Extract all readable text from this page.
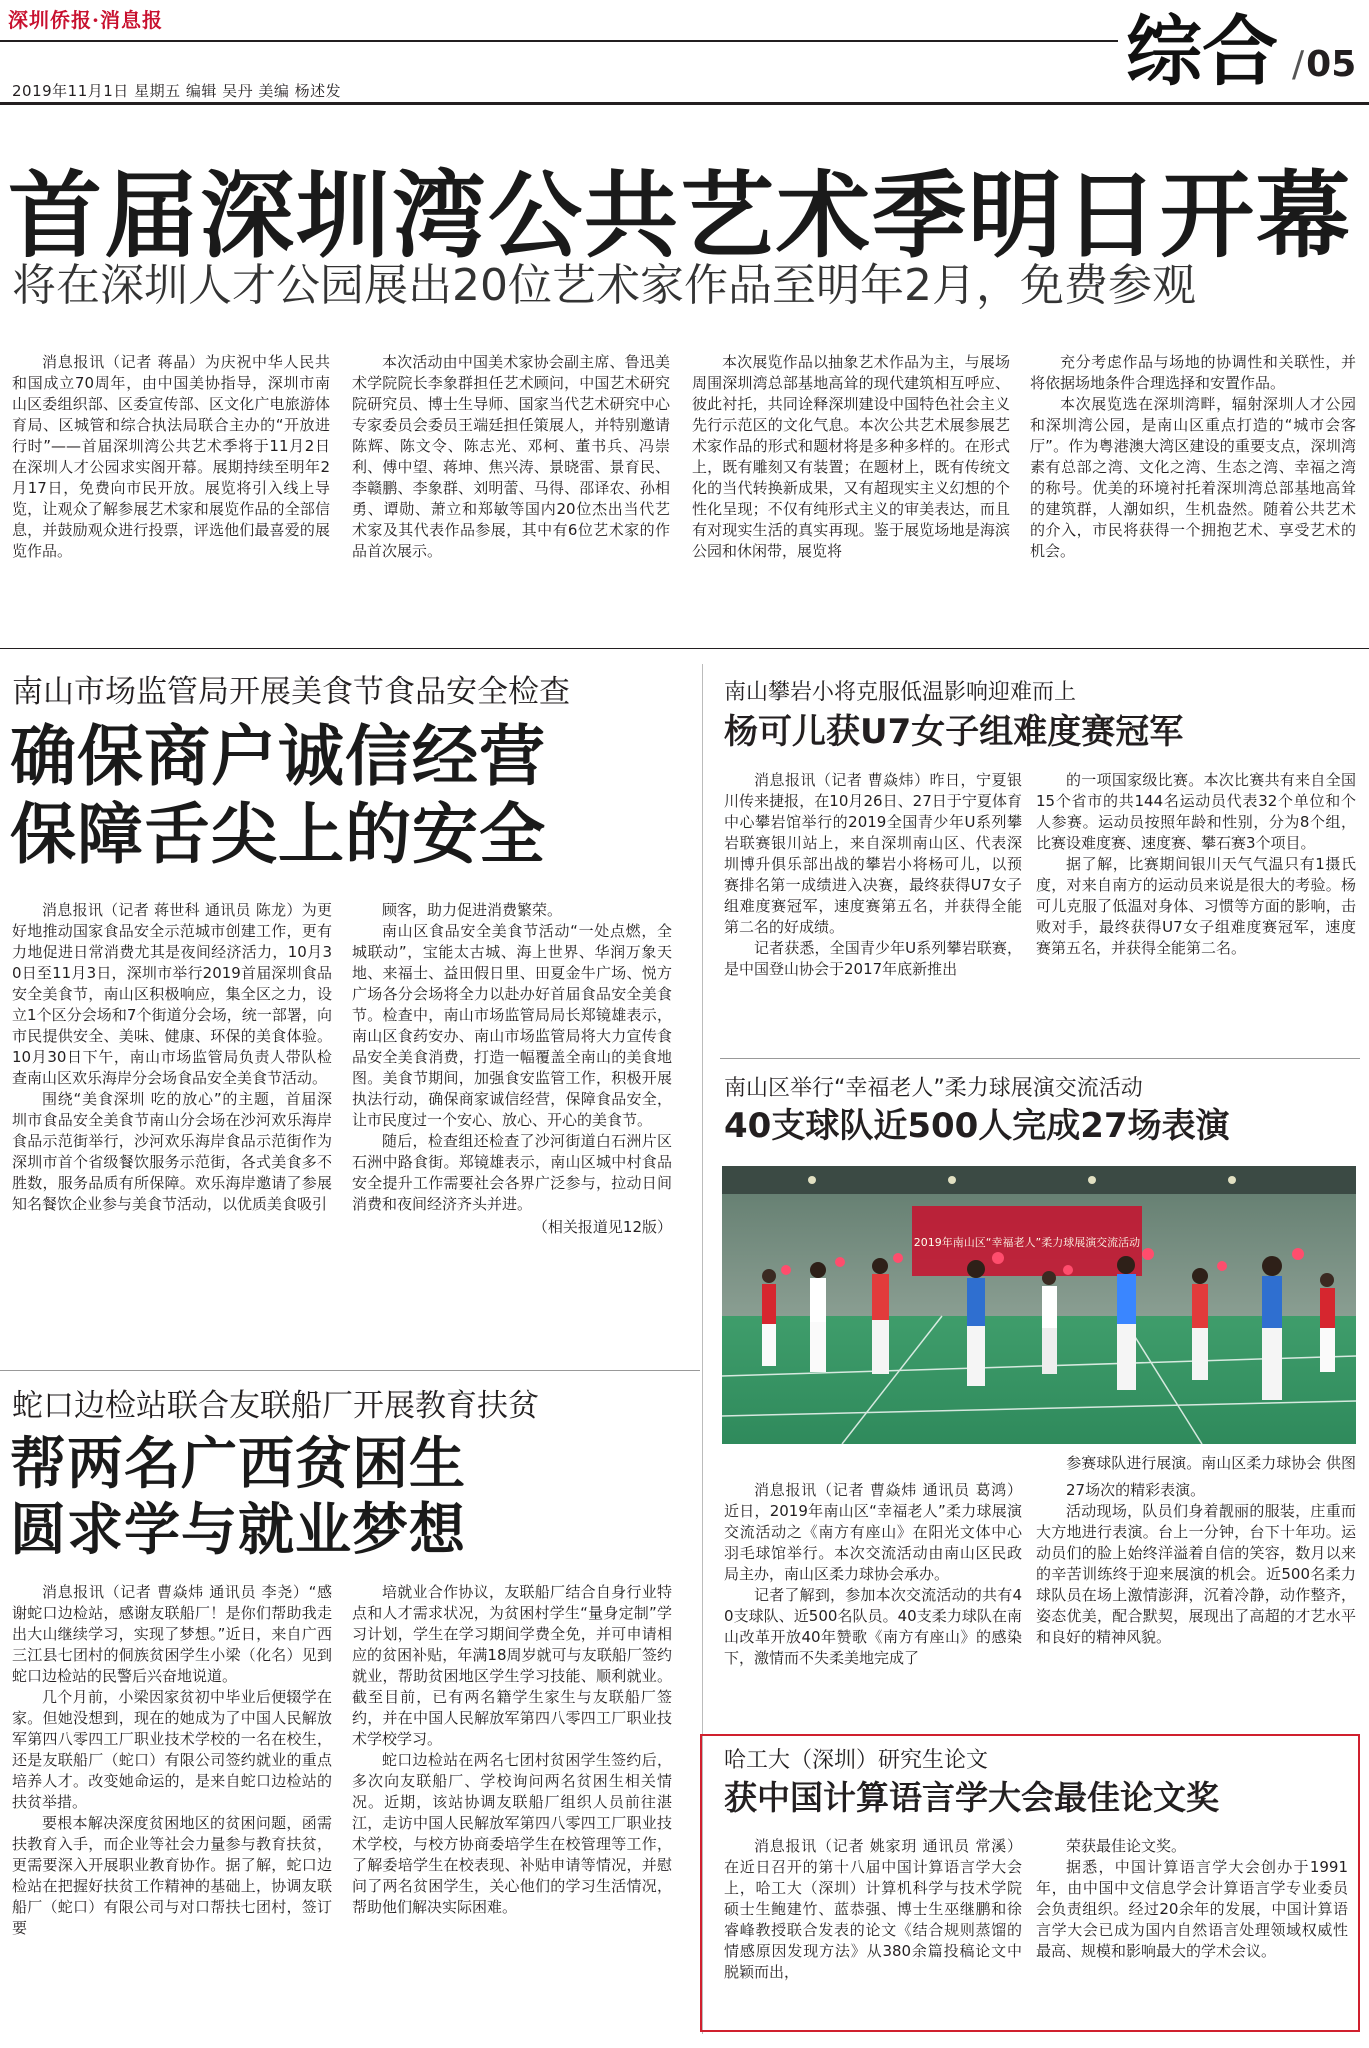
深圳侨报·消息报
2019年11月1日 星期五 编辑 吴丹 美编 杨述发	综合 /05
首届深圳湾公共艺术季明日开幕
将在深圳人才公园展出20位艺术家作品至明年2月，免费参观

消息报讯（记者 蒋晶）为庆祝中华人民共和国成立70周年，由中国美协指导，深圳市南山区委组织部、区委宣传部、区文化广电旅游体育局、区城管和综合执法局联合主办的“开放进行时”——首届深圳湾公共艺术季将于11月2日在深圳人才公园求实阁开幕。展期持续至明年2月17日，免费向市民开放。展览将引入线上导览，让观众了解参展艺术家和展览作品的全部信息，并鼓励观众进行投票，评选他们最喜爱的展览作品。

本次活动由中国美术家协会副主席、鲁迅美术学院院长李象群担任艺术顾问，中国艺术研究院研究员、博士生导师、国家当代艺术研究中心专家委员会委员王端廷担任策展人，并特别邀请陈辉、陈文令、陈志光、邓柯、董书兵、冯崇利、傅中望、蒋坤、焦兴涛、景晓雷、景育民、李赣鹏、李象群、刘明蕾、马得、邵译农、孙相勇、谭勋、萧立和郑敏等国内20位杰出当代艺术家及其代表作品参展，其中有6位艺术家的作品首次展示。

本次展览作品以抽象艺术作品为主，与展场周围深圳湾总部基地高耸的现代建筑相互呼应、彼此衬托，共同诠释深圳建设中国特色社会主义先行示范区的文化气息。本次公共艺术展参展艺术家作品的形式和题材将是多种多样的。在形式上，既有雕刻又有装置；在题材上，既有传统文化的当代转换新成果，又有超现实主义幻想的个性化呈现；不仅有纯形式主义的审美表达，而且有对现实生活的真实再现。鉴于展览场地是海滨公园和休闲带，展览将

充分考虑作品与场地的协调性和关联性，并将依据场地条件合理选择和安置作品。

本次展览选在深圳湾畔，辐射深圳人才公园和深圳湾公园，是南山区重点打造的“城市会客厅”。作为粤港澳大湾区建设的重要支点，深圳湾素有总部之湾、文化之湾、生态之湾、幸福之湾的称号。优美的环境衬托着深圳湾总部基地高耸的建筑群，人潮如织，生机盎然。随着公共艺术的介入，市民将获得一个拥抱艺术、享受艺术的机会。

南山市场监管局开展美食节食品安全检查
确保商户诚信经营
保障舌尖上的安全

消息报讯（记者 蒋世科 通讯员 陈龙）为更好地推动国家食品安全示范城市创建工作，更有力地促进日常消费尤其是夜间经济活力，10月30日至11月3日，深圳市举行2019首届深圳食品安全美食节，南山区积极响应，集全区之力，设立1个区分会场和7个街道分会场，统一部署，向市民提供安全、美味、健康、环保的美食体验。10月30日下午，南山市场监管局负责人带队检查南山区欢乐海岸分会场食品安全美食节活动。

围绕“美食深圳 吃的放心”的主题，首届深圳市食品安全美食节南山分会场在沙河欢乐海岸食品示范街举行，沙河欢乐海岸食品示范街作为深圳市首个省级餐饮服务示范街，各式美食多不胜数，服务品质有所保障。欢乐海岸邀请了参展知名餐饮企业参与美食节活动，以优质美食吸引

顾客，助力促进消费繁荣。

南山区食品安全美食节活动“一处点燃，全城联动”，宝能太古城、海上世界、华润万象天地、来福士、益田假日里、田夏金牛广场、悦方广场各分会场将全力以赴办好首届食品安全美食节。检查中，南山市场监管局局长郑镜雄表示，南山区食药安办、南山市场监管局将大力宣传食品安全美食消费，打造一幅覆盖全南山的美食地图。美食节期间，加强食安监管工作，积极开展执法行动，确保商家诚信经营，保障食品安全，让市民度过一个安心、放心、开心的美食节。

随后，检查组还检查了沙河街道白石洲片区石洲中路食街。郑镜雄表示，南山区城中村食品安全提升工作需要社会各界广泛参与，拉动日间消费和夜间经济齐头并进。

（相关报道见12版）
南山攀岩小将克服低温影响迎难而上
杨可儿获U7女子组难度赛冠军

消息报讯（记者 曹焱炜）昨日，宁夏银川传来捷报，在10月26日、27日于宁夏体育中心攀岩馆举行的2019全国青少年U系列攀岩联赛银川站上，来自深圳南山区、代表深圳博升俱乐部出战的攀岩小将杨可儿，以预赛排名第一成绩进入决赛，最终获得U7女子组难度赛冠军，速度赛第五名，并获得全能第二名的好成绩。

记者获悉，全国青少年U系列攀岩联赛，是中国登山协会于2017年底新推出

的一项国家级比赛。本次比赛共有来自全国15个省市的共144名运动员代表32个单位和个人参赛。运动员按照年龄和性别，分为8个组，比赛设难度赛、速度赛、攀石赛3个项目。

据了解，比赛期间银川天气气温只有1摄氏度，对来自南方的运动员来说是很大的考验。杨可儿克服了低温对身体、习惯等方面的影响，击败对手，最终获得U7女子组难度赛冠军，速度赛第五名，并获得全能第二名。

南山区举行“幸福老人”柔力球展演交流活动
40支球队近500人完成27场表演
2019年南山区“幸福老人”柔力球展演交流活动
参赛球队进行展演。南山区柔力球协会 供图

消息报讯（记者 曹焱炜 通讯员 葛鸿）近日，2019年南山区“幸福老人”柔力球展演交流活动之《南方有座山》在阳光文体中心羽毛球馆举行。本次交流活动由南山区民政局主办，南山区柔力球协会承办。

记者了解到，参加本次交流活动的共有40支球队、近500名队员。40支柔力球队在南山改革开放40年赞歌《南方有座山》的感染下，激情而不失柔美地完成了

27场次的精彩表演。

活动现场，队员们身着靓丽的服装，庄重而大方地进行表演。台上一分钟，台下十年功。运动员们的脸上始终洋溢着自信的笑容，数月以来的辛苦训练终于迎来展演的机会。近500名柔力球队员在场上激情澎湃，沉着冷静，动作整齐，姿态优美，配合默契，展现出了高超的才艺水平和良好的精神风貌。

蛇口边检站联合友联船厂开展教育扶贫
帮两名广西贫困生
圆求学与就业梦想

消息报讯（记者 曹焱炜 通讯员 李尧）“感谢蛇口边检站，感谢友联船厂！是你们帮助我走出大山继续学习，实现了梦想。”近日，来自广西三江县七团村的侗族贫困学生小梁（化名）见到蛇口边检站的民警后兴奋地说道。

几个月前，小梁因家贫初中毕业后便辍学在家。但她没想到，现在的她成为了中国人民解放军第四八零四工厂职业技术学校的一名在校生，还是友联船厂（蛇口）有限公司签约就业的重点培养人才。改变她命运的，是来自蛇口边检站的扶贫举措。

要根本解决深度贫困地区的贫困问题，函需扶教育入手，而企业等社会力量参与教育扶贫，更需要深入开展职业教育协作。据了解，蛇口边检站在把握好扶贫工作精神的基础上，协调友联船厂（蛇口）有限公司与对口帮扶七团村，签订要

培就业合作协议，友联船厂结合自身行业特点和人才需求状况，为贫困村学生“量身定制”学习计划，学生在学习期间学费全免，并可申请相应的贫困补贴，年满18周岁就可与友联船厂签约就业，帮助贫困地区学生学习技能、顺利就业。截至目前，已有两名籍学生家生与友联船厂签约，并在中国人民解放军第四八零四工厂职业技术学校学习。

蛇口边检站在两名七团村贫困学生签约后，多次向友联船厂、学校询问两名贫困生相关情况。近期，该站协调友联船厂组织人员前往湛江，走访中国人民解放军第四八零四工厂职业技术学校，与校方协商委培学生在校管理等工作，了解委培学生在校表现、补贴申请等情况，并慰问了两名贫困学生，关心他们的学习生活情况，帮助他们解决实际困难。

哈工大（深圳）研究生论文
获中国计算语言学大会最佳论文奖

消息报讯（记者 姚家玥 通讯员 常溪）在近日召开的第十八届中国计算语言学大会上，哈工大（深圳）计算机科学与技术学院硕士生鲍建竹、蓝恭强、博士生巫继鹏和徐睿峰教授联合发表的论文《结合规则蒸馏的情感原因发现方法》从380余篇投稿论文中脱颖而出，

荣获最佳论文奖。

据悉，中国计算语言学大会创办于1991年，由中国中文信息学会计算语言学专业委员会负责组织。经过20余年的发展，中国计算语言学大会已成为国内自然语言处理领域权威性最高、规模和影响最大的学术会议。
